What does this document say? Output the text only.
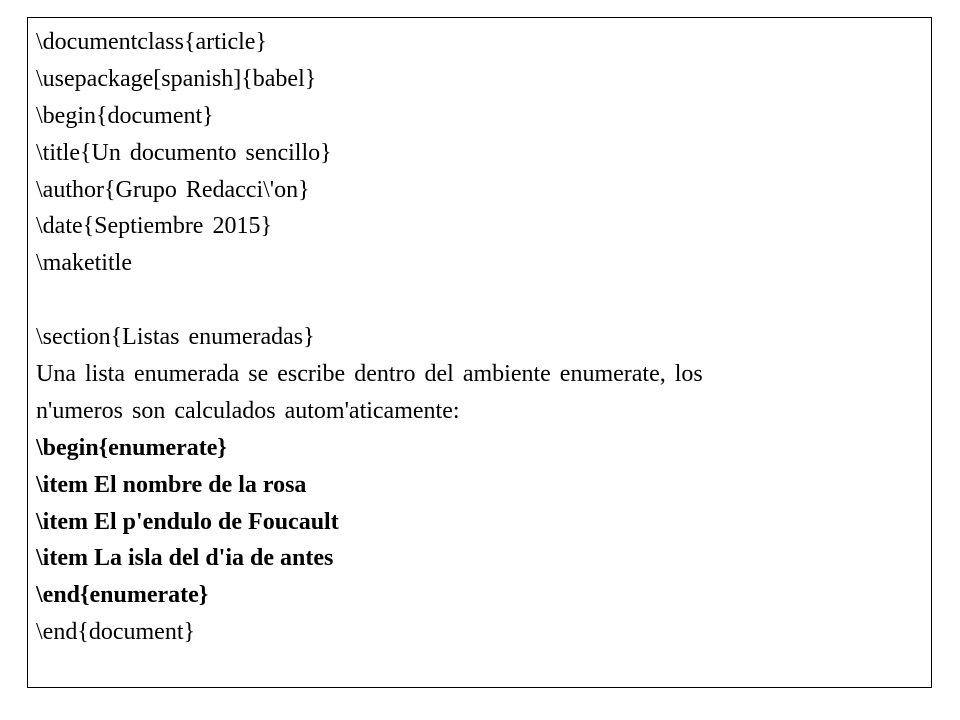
\documentclass{article}
\usepackage[spanish]{babel}
\begin{document}
\title{Un documento sencillo}
\author{Grupo Redacci\'on}
\date{Septiembre 2015}
\maketitle
\section{Listas enumeradas}
Una lista enumerada se escribe dentro del ambiente enumerate, los
n'umeros son calculados autom'aticamente:
\begin{enumerate}
\item El nombre de la rosa
\item El p'endulo de Foucault
\item La isla del d'ia de antes
\end{enumerate}
\end{document}
